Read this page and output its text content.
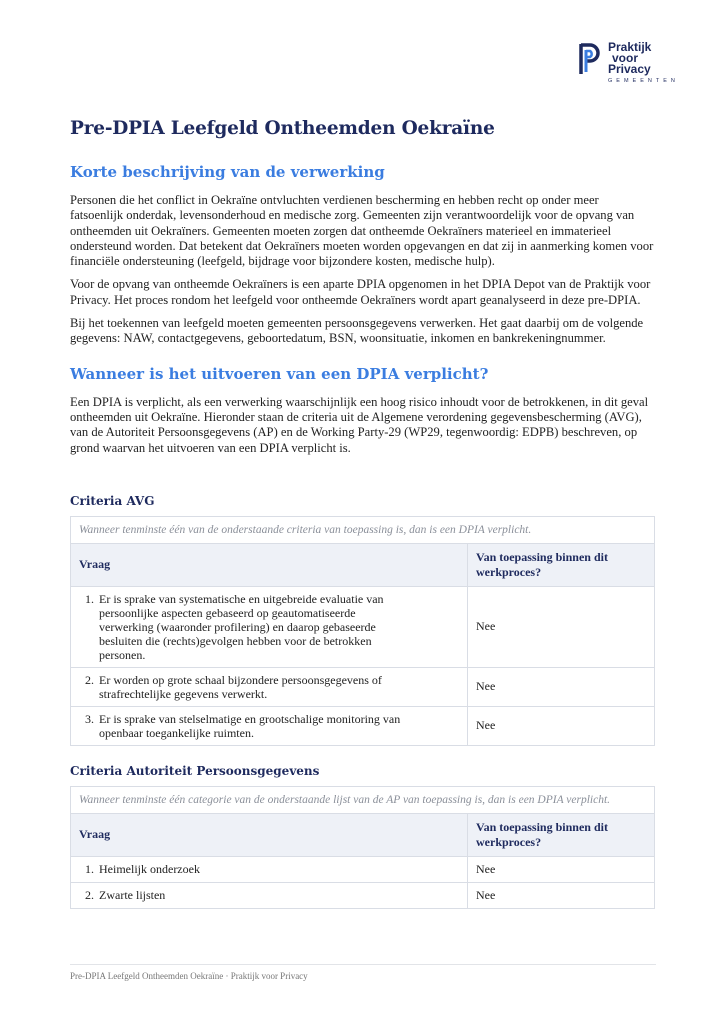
Praktijk
voor
Privacy
GEMEENTEN
Pre-DPIA Leefgeld Ontheemden Oekraïne
Korte beschrijving van de verwerking

Personen die het conflict in Oekraïne ontvluchten verdienen bescherming en hebben recht op onder meer fatsoenlijk onderdak, levensonderhoud en medische zorg. Gemeenten zijn verantwoordelijk voor de opvang van ontheemden uit Oekraïners. Gemeenten moeten zorgen dat ontheemde Oekraïners materieel en immaterieel ondersteund worden. Dat betekent dat Oekraïners moeten worden opgevangen en dat zij in aanmerking komen voor financiële ondersteuning (leefgeld, bijdrage voor bijzondere kosten, medische hulp).

Voor de opvang van ontheemde Oekraïners is een aparte DPIA opgenomen in het DPIA Depot van de Praktijk voor Privacy. Het proces rondom het leefgeld voor ontheemde Oekraïners wordt apart geanalyseerd in deze pre-DPIA.

Bij het toekennen van leefgeld moeten gemeenten persoonsgegevens verwerken. Het gaat daarbij om de volgende gegevens: NAW, contactgegevens, geboortedatum, BSN, woonsituatie, inkomen en bankrekeningnummer.

Wanneer is het uitvoeren van een DPIA verplicht?

Een DPIA is verplicht, als een verwerking waarschijnlijk een hoog risico inhoudt voor de betrokkenen, in dit geval ontheemden uit Oekraïne. Hieronder staan de criteria uit de Algemene verordening gegevensbescherming (AVG), van de Autoriteit Persoonsgegevens (AP) en de Working Party-29 (WP29, tegenwoordig: EDPB) beschreven, op grond waarvan het uitvoeren van een DPIA verplicht is.

Criteria AVG
Wanneer tenminste één van de onderstaande criteria van toepassing is, dan is een DPIA verplicht.	
Vraag	Van toepassing binnen dit werkproces?
1. Er is sprake van systematische en uitgebreide evaluatie van persoonlijke aspecten gebaseerd op geautomatiseerde verwerking (waaronder profilering) en daarop gebaseerde besluiten die (rechts)gevolgen hebben voor de betrokken personen.	Nee
2. Er worden op grote schaal bijzondere persoonsgegevens of strafrechtelijke gegevens verwerkt.	Nee
3. Er is sprake van stelselmatige en grootschalige monitoring van openbaar toegankelijke ruimten.	Nee
Criteria Autoriteit Persoonsgegevens
Wanneer tenminste één categorie van de onderstaande lijst van de AP van toepassing is, dan is een DPIA verplicht.	
Vraag	Van toepassing binnen dit werkproces?
1. Heimelijk onderzoek	Nee
2. Zwarte lijsten	Nee
Pre-DPIA Leefgeld Ontheemden Oekraïne · Praktijk voor Privacy
